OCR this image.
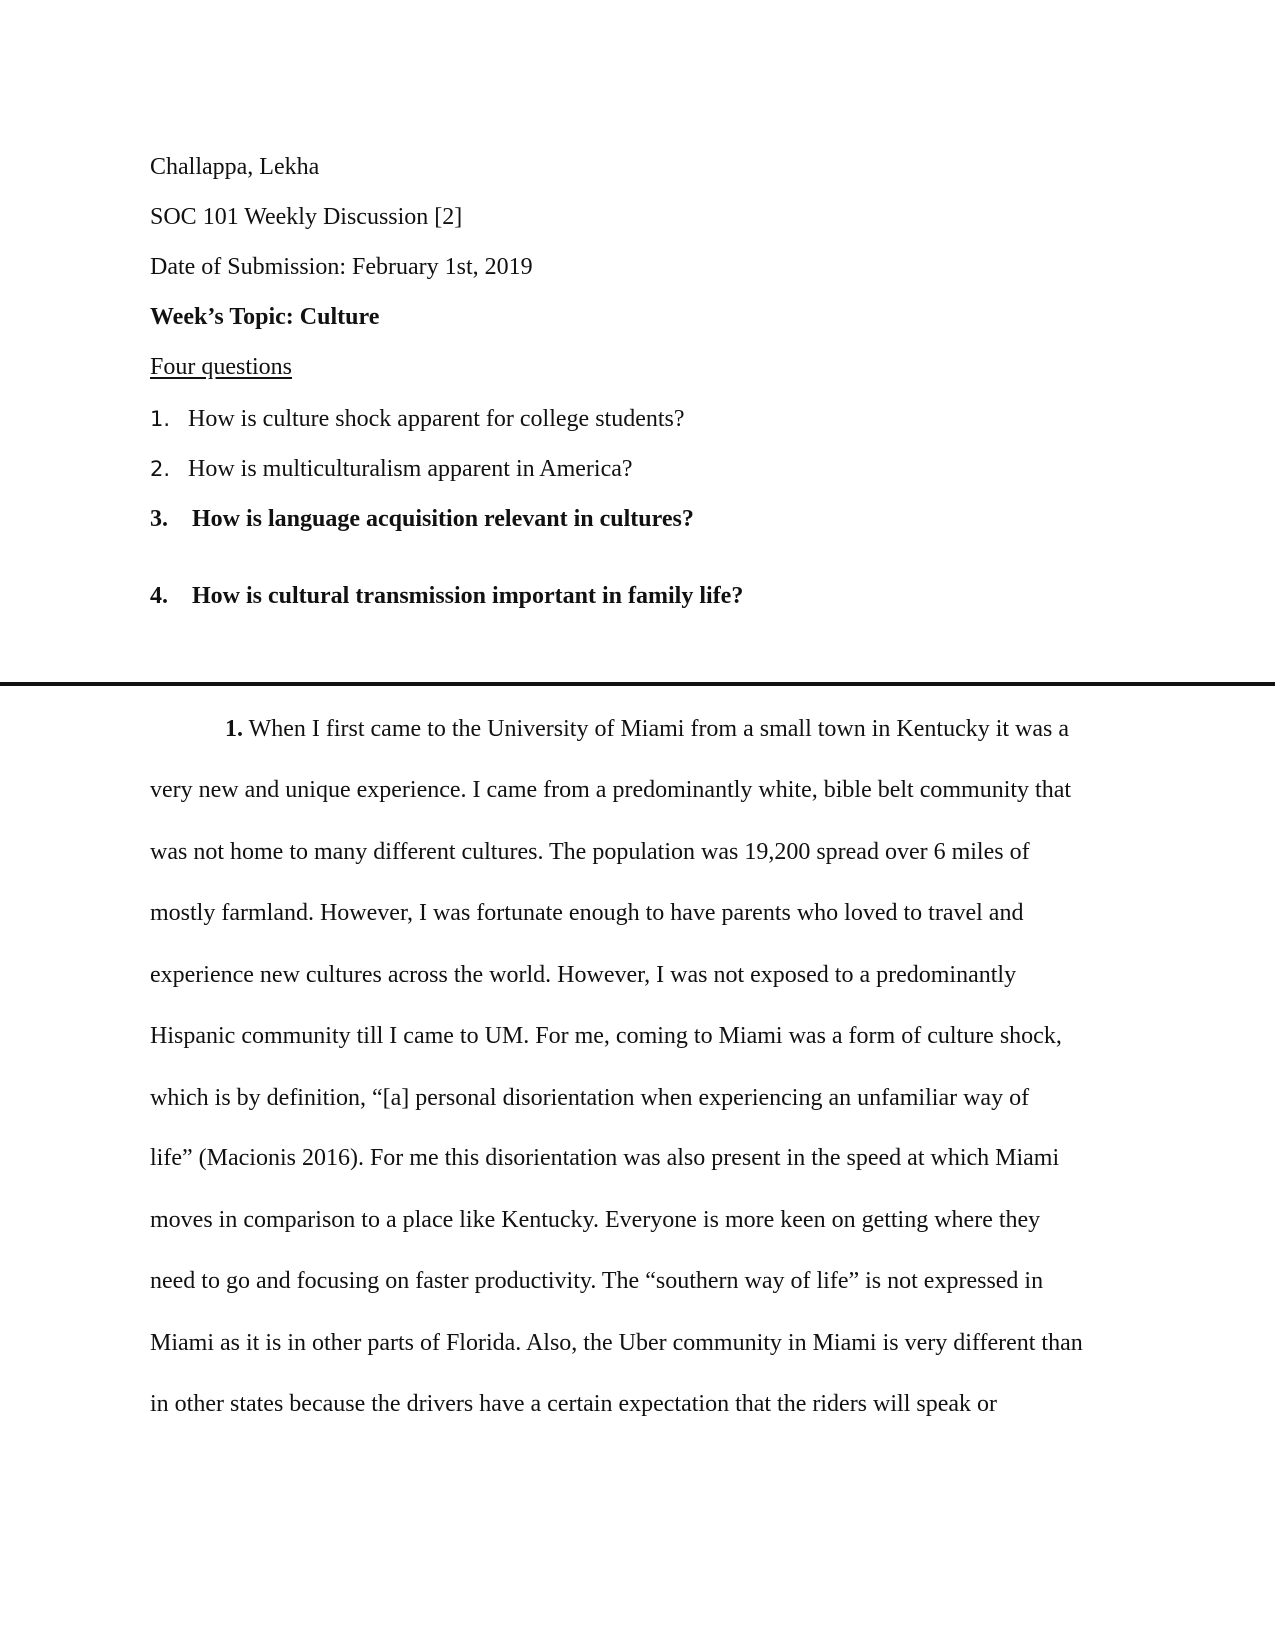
Challappa, Lekha
SOC 101 Weekly Discussion [2]
Date of Submission: February 1st, 2019
Week’s Topic: Culture
Four questions
1. How is culture shock apparent for college students?
2. How is multiculturalism apparent in America?
3. How is language acquisition relevant in cultures?
4. How is cultural transmission important in family life?
1. When I first came to the University of Miami from a small town in Kentucky it was a
very new and unique experience. I came from a predominantly white, bible belt community that
was not home to many different cultures. The population was 19,200 spread over 6 miles of
mostly farmland. However, I was fortunate enough to have parents who loved to travel and
experience new cultures across the world. However, I was not exposed to a predominantly
Hispanic community till I came to UM. For me, coming to Miami was a form of culture shock,
which is by definition, “[a] personal disorientation when experiencing an unfamiliar way of
life” (Macionis 2016). For me this disorientation was also present in the speed at which Miami
moves in comparison to a place like Kentucky. Everyone is more keen on getting where they
need to go and focusing on faster productivity. The “southern way of life” is not expressed in
Miami as it is in other parts of Florida. Also, the Uber community in Miami is very different than
in other states because the drivers have a certain expectation that the riders will speak or
